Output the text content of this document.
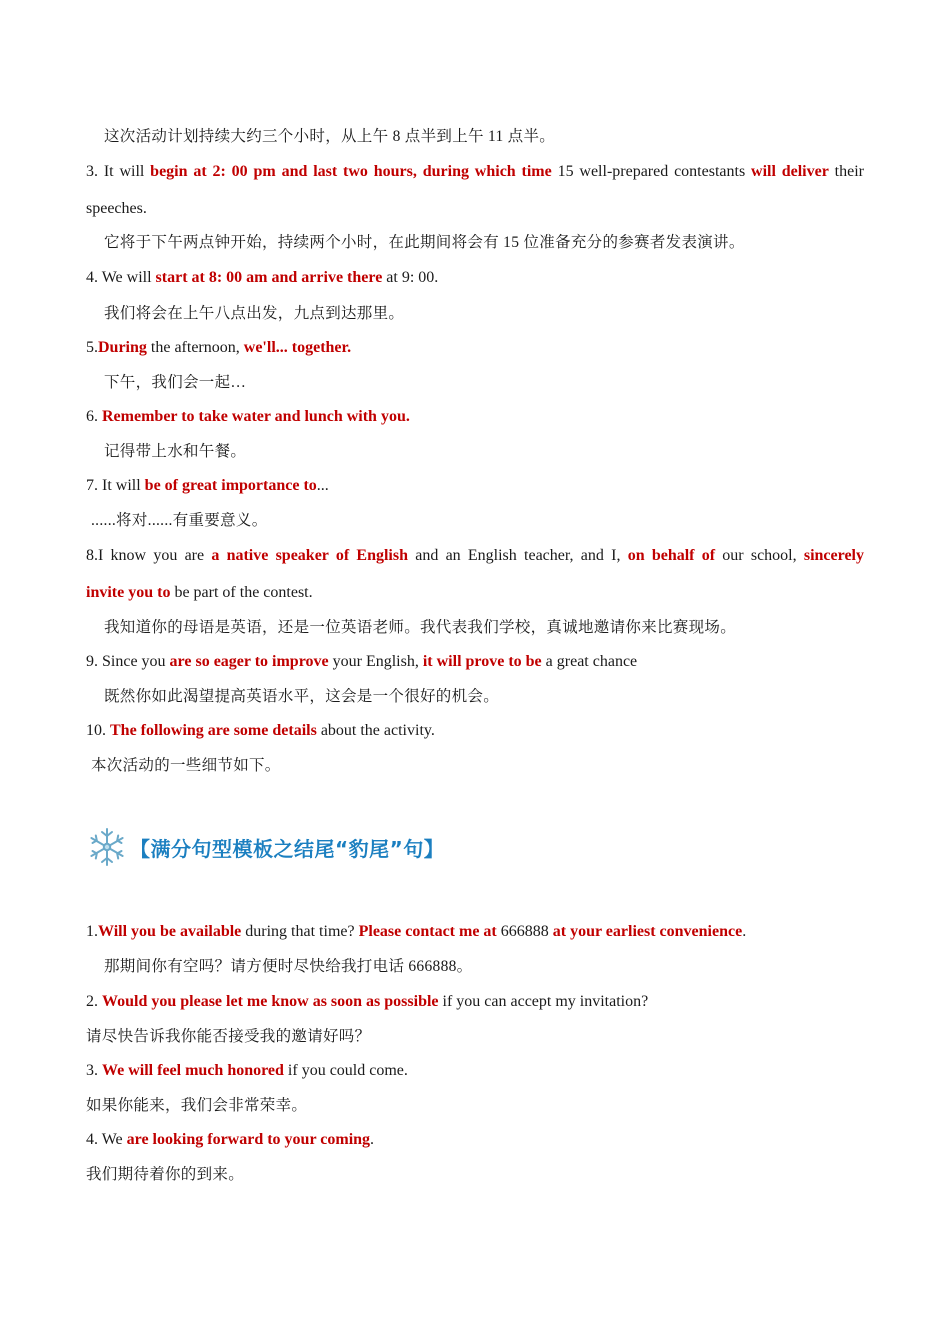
这次活动计划持续大约三个小时，从上午 8 点半到上午 11 点半。
3. It will begin at 2: 00 pm and last two hours, during which time 15 well-prepared contestants will deliver their
speeches.
它将于下午两点钟开始，持续两个小时，在此期间将会有 15 位准备充分的参赛者发表演讲。
4. We will start at 8: 00 am and arrive there at 9: 00.
我们将会在上午八点出发，九点到达那里。
5.During the afternoon, we'll... together.
下午，我们会一起…
6. Remember to take water and lunch with you.
记得带上水和午餐。
7. It will be of great importance to...
......将对......有重要意义。
8.I know you are a native speaker of English and an English teacher, and I, on behalf of our school, sincerely
invite you to be part of the contest.
我知道你的母语是英语，还是一位英语老师。我代表我们学校，真诚地邀请你来比赛现场。
9. Since you are so eager to improve your English, it will prove to be a great chance
既然你如此渴望提高英语水平，这会是一个很好的机会。
10. The following are some details about the activity.
本次活动的一些细节如下。
【满分句型模板之结尾“豹尾”句】
1.Will you be available during that time? Please contact me at 666888 at your earliest convenience.
那期间你有空吗？请方便时尽快给我打电话 666888。
2. Would you please let me know as soon as possible if you can accept my invitation?
请尽快告诉我你能否接受我的邀请好吗？
3. We will feel much honored if you could come.
如果你能来，我们会非常荣幸。
4. We are looking forward to your coming.
我们期待着你的到来。
